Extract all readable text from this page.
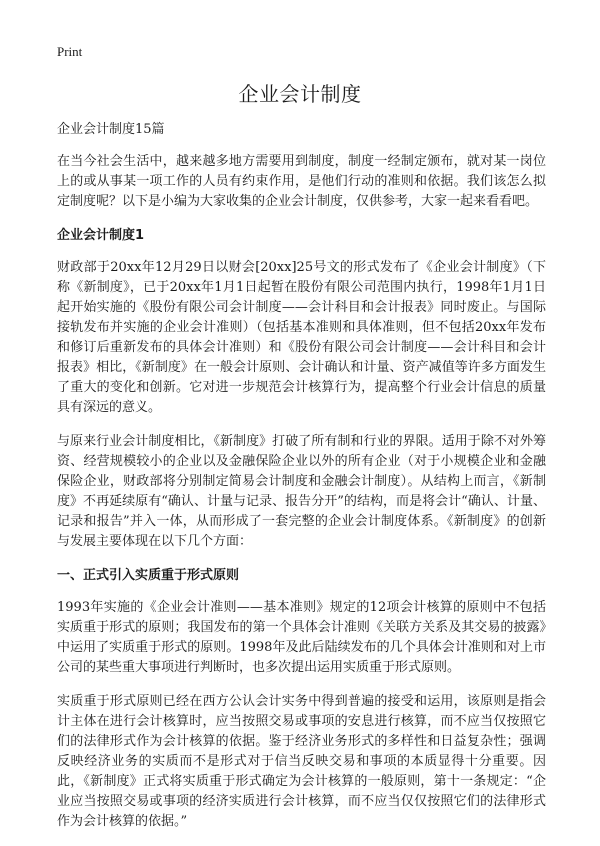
Print
企业会计制度

企业会计制度15篇

在当今社会生活中，越来越多地方需要用到制度，制度一经制定颁布，就对某一岗位上的或从事某一项工作的人员有约束作用，是他们行动的准则和依据。我们该怎么拟定制度呢？以下是小编为大家收集的企业会计制度，仅供参考，大家一起来看看吧。

企业会计制度1

财政部于20xx年12月29日以财会[20xx]25号文的形式发布了《企业会计制度》（下称《新制度》，已于20xx年1月1日起暂在股份有限公司范围内执行，1998年1月1日起开始实施的《股份有限公司会计制度——会计科目和会计报表》同时废止。与国际接轨发布并实施的企业会计准则）（包括基本准则和具体准则，但不包括20xx年发布和修订后重新发布的具体会计准则）和《股份有限公司会计制度——会计科目和会计报表》相比，《新制度》在一般会计原则、会计确认和计量、资产减值等许多方面发生了重大的变化和创新。它对进一步规范会计核算行为，提高整个行业会计信息的质量具有深远的意义。

与原来行业会计制度相比，《新制度》打破了所有制和行业的界限。适用于除不对外筹资、经营规模较小的企业以及金融保险企业以外的所有企业（对于小规模企业和金融保险企业，财政部将分别制定简易会计制度和金融会计制度）。从结构上而言，《新制度》不再延续原有“确认、计量与记录、报告分开”的结构，而是将会计“确认、计量、记录和报告”并入一体，从而形成了一套完整的企业会计制度体系。《新制度》的创新与发展主要体现在以下几个方面：

一、正式引入实质重于形式原则

1993年实施的《企业会计准则——基本准则》规定的12项会计核算的原则中不包括实质重于形式的原则；我国发布的第一个具体会计准则《关联方关系及其交易的披露》中运用了实质重于形式的原则。1998年及此后陆续发布的几个具体会计准则和对上市公司的某些重大事项进行判断时，也多次提出运用实质重于形式原则。

实质重于形式原则已经在西方公认会计实务中得到普遍的接受和运用，该原则是指会计主体在进行会计核算时，应当按照交易或事项的安息进行核算，而不应当仅按照它们的法律形式作为会计核算的依据。鉴于经济业务形式的多样性和日益复杂性；强调反映经济业务的实质而不是形式对于信当反映交易和事项的本质显得十分重要。因此，《新制度》正式将实质重于形式确定为会计核算的一般原则，第十一条规定：“企业应当按照交易或事项的经济实质进行会计核算，而不应当仅仅按照它们的法律形式作为会计核算的依据。”
